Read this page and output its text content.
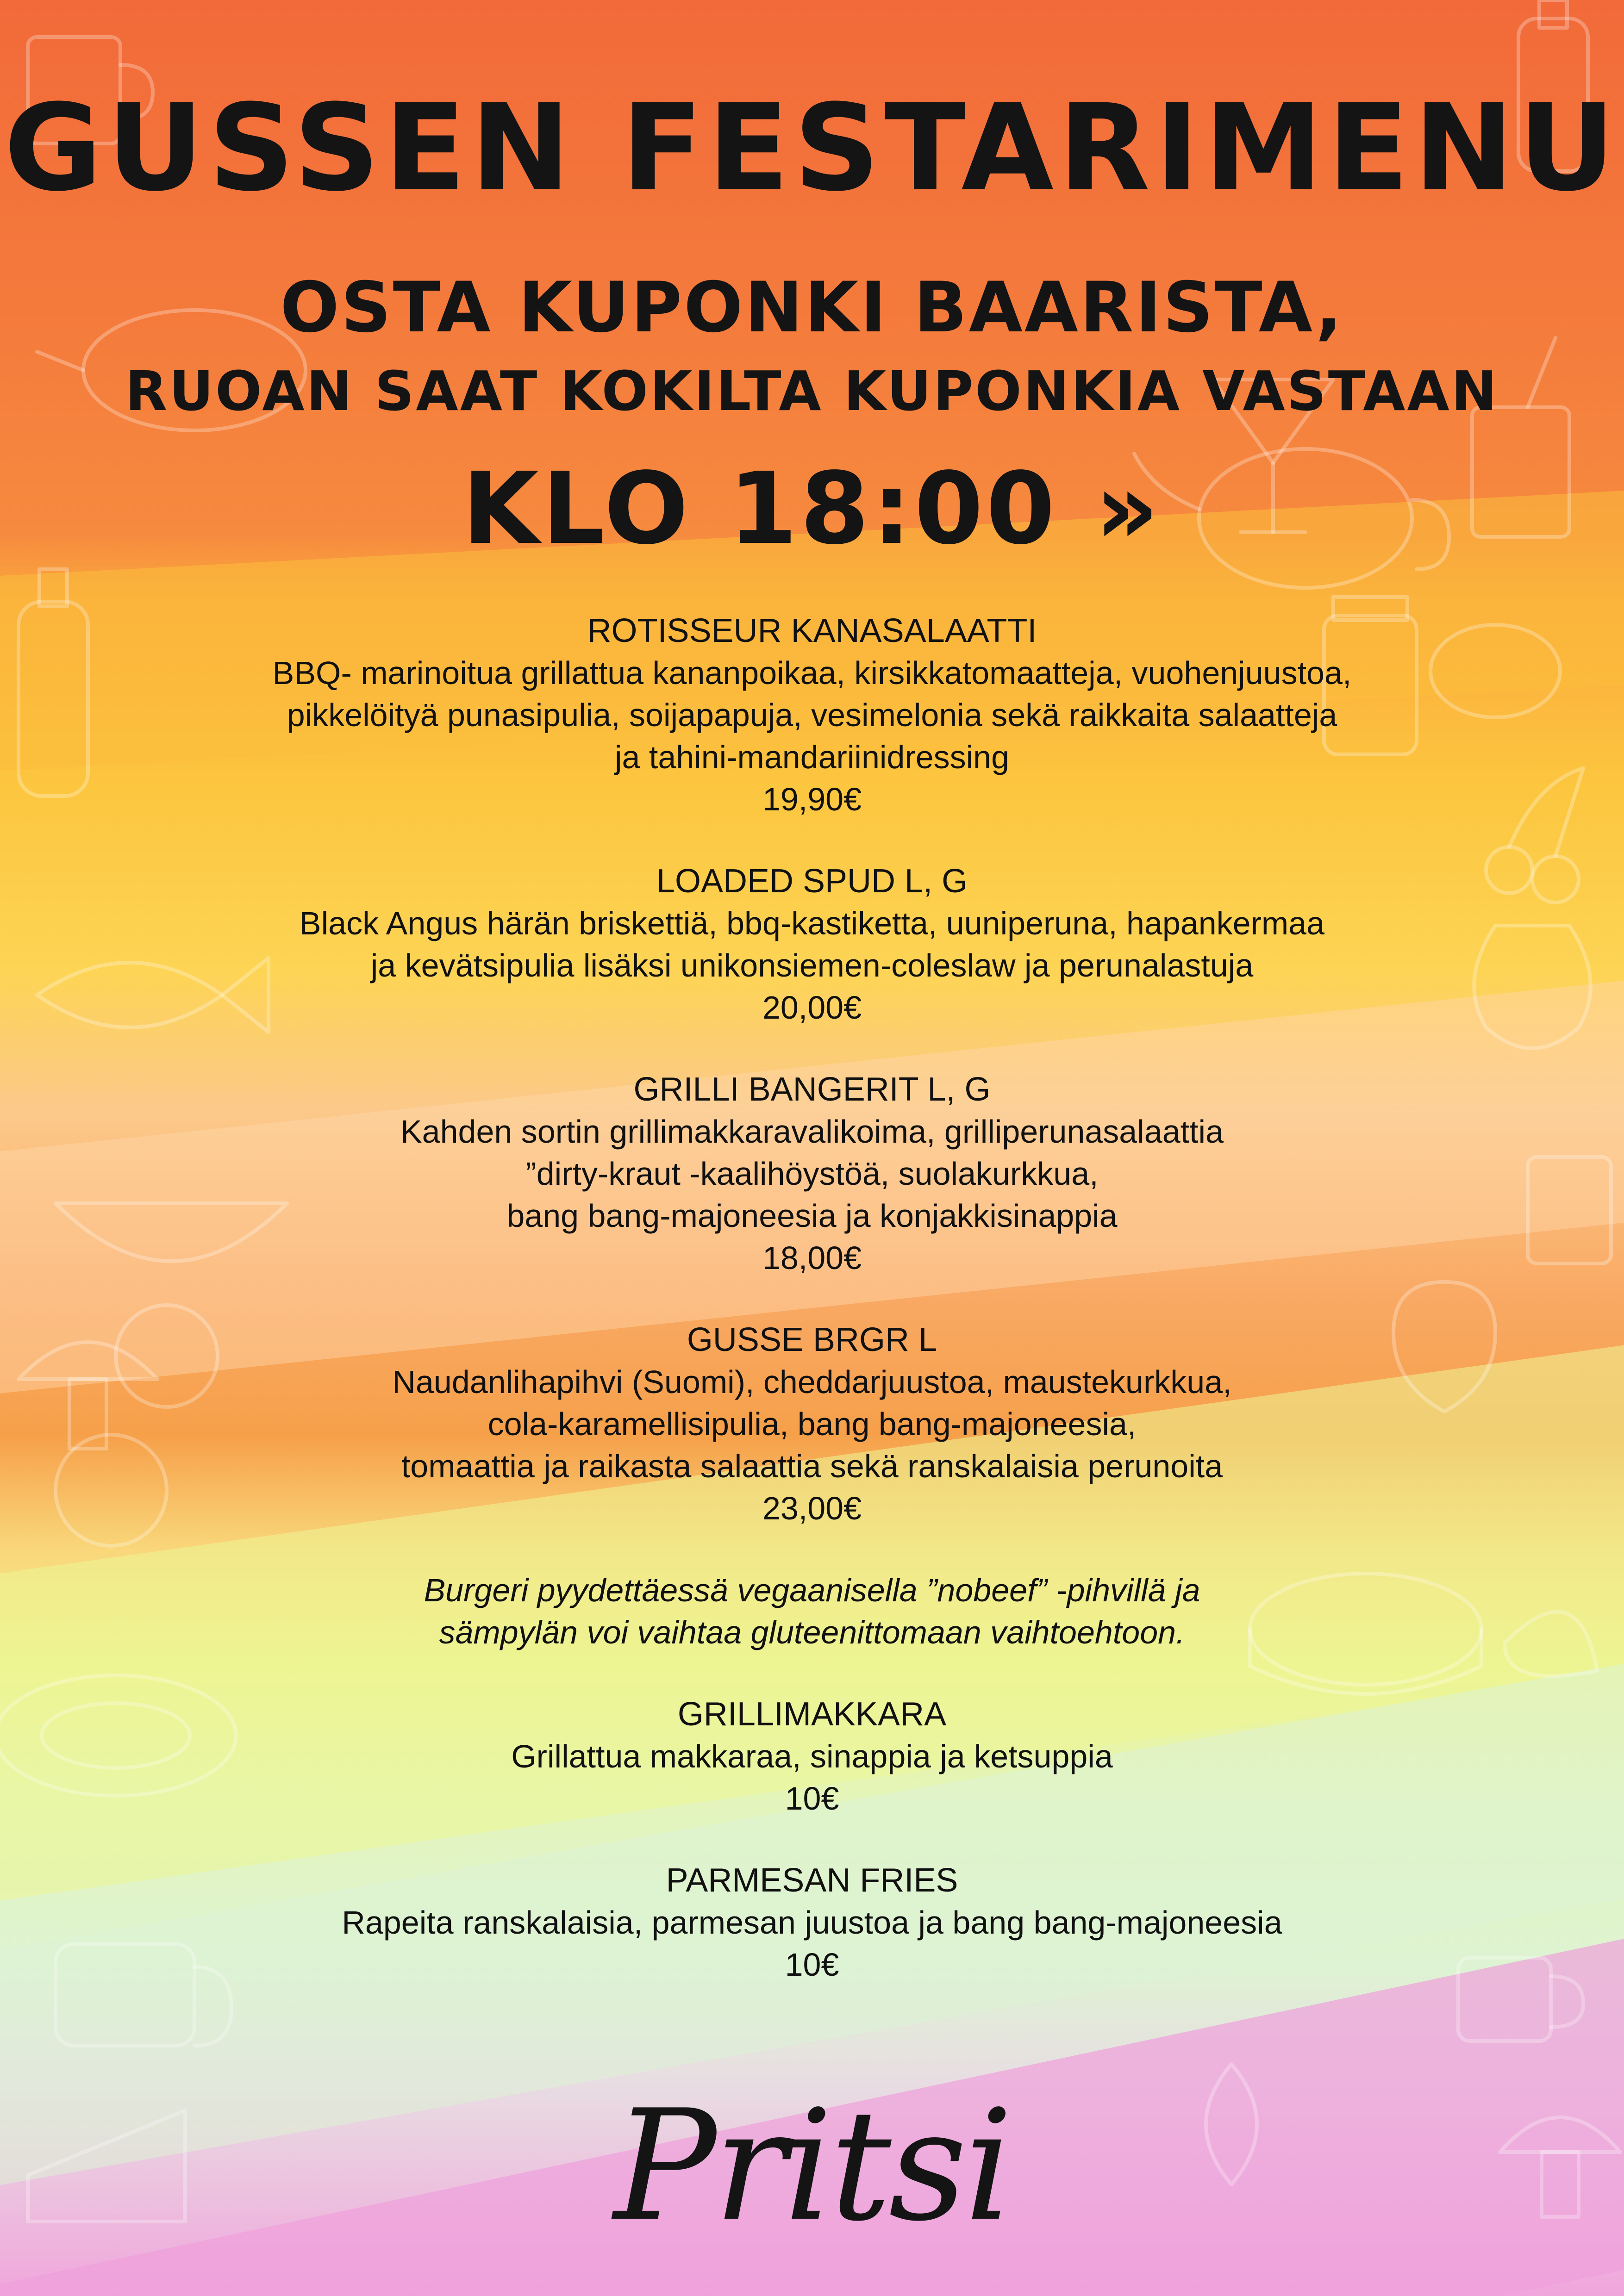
GUSSEN FESTARIMENU
OSTA KUPONKI BAARISTA,
RUOAN SAAT KOKILTA KUPONKIA VASTAAN
KLO 18:00 »
ROTISSEUR KANASALAATTI
BBQ- marinoitua grillattua kananpoikaa, kirsikkatomaatteja, vuohenjuustoa,
pikkelöityä punasipulia, soijapapuja, vesimelonia sekä raikkaita salaatteja
ja tahini-mandariinidressing
19,90€
LOADED SPUD L, G
Black Angus härän briskettiä, bbq-kastiketta, uuniperuna, hapankermaa
ja kevätsipulia lisäksi unikonsiemen-coleslaw ja perunalastuja
20,00€
GRILLI BANGERIT L, G
Kahden sortin grillimakkaravalikoima, grilliperunasalaattia
”dirty-kraut -kaalihöystöä, suolakurkkua,
bang bang-majoneesia ja konjakkisinappia
18,00€
GUSSE BRGR L
Naudanlihapihvi (Suomi), cheddarjuustoa, maustekurkkua,
cola-karamellisipulia, bang bang-majoneesia,
tomaattia ja raikasta salaattia sekä ranskalaisia perunoita
23,00€
Burgeri pyydettäessä vegaanisella ”nobeef” -pihvillä ja
sämpylän voi vaihtaa gluteenittomaan vaihtoehtoon.
GRILLIMAKKARA
Grillattua makkaraa, sinappia ja ketsuppia
10€
PARMESAN FRIES
Rapeita ranskalaisia, parmesan juustoa ja bang bang-majoneesia
10€
Pritsi
